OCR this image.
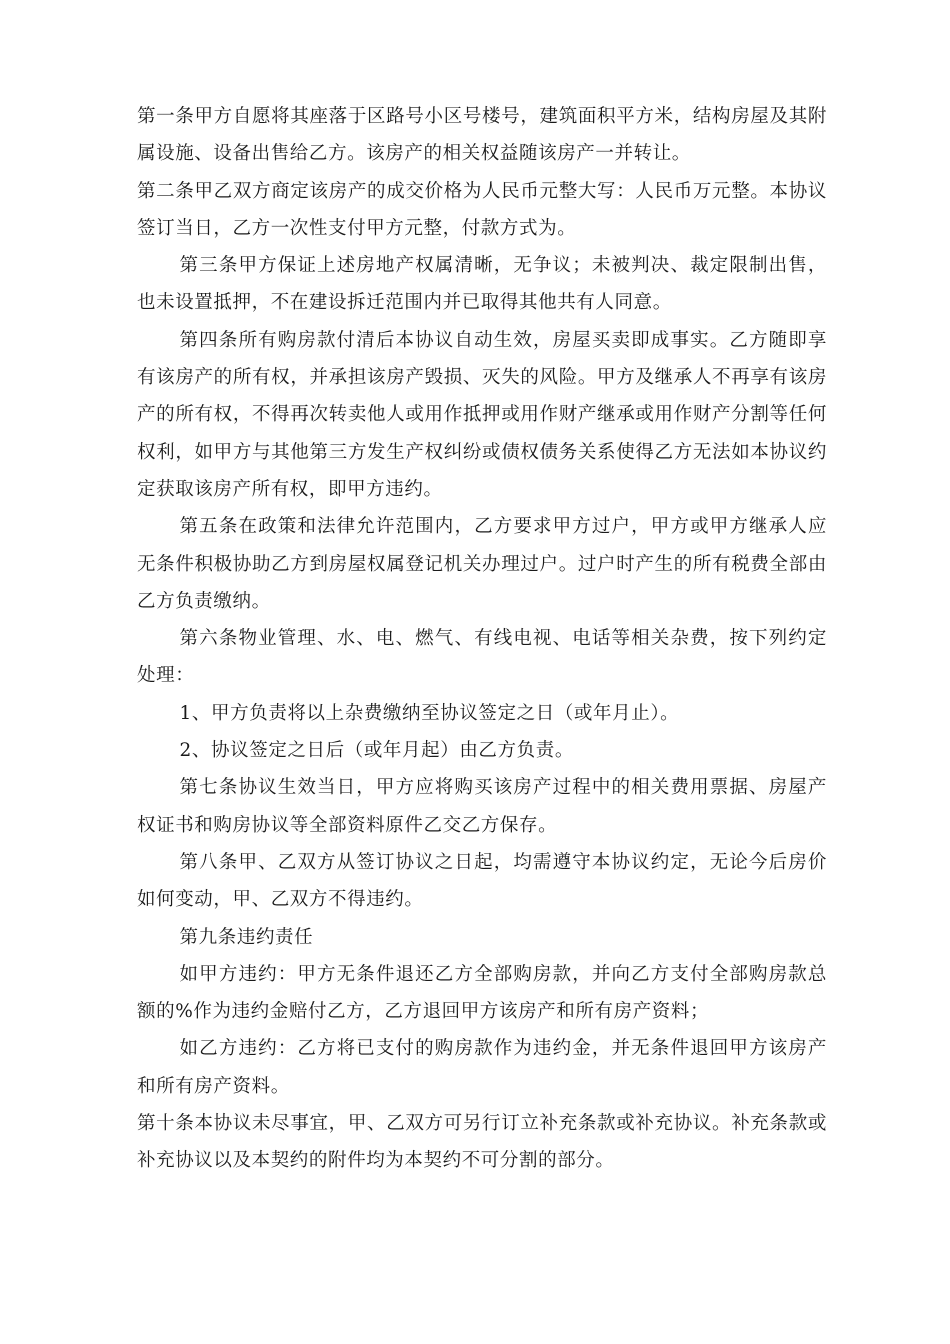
第一条甲方自愿将其座落于区路号小区号楼号，建筑面积平方米，结构房屋及其附属设施、设备出售给乙方。该房产的相关权益随该房产一并转让。

第二条甲乙双方商定该房产的成交价格为人民币元整大写：人民币万元整。本协议签订当日，乙方一次性支付甲方元整，付款方式为。

第三条甲方保证上述房地产权属清晰，无争议；未被判决、裁定限制出售，也未设置抵押，不在建设拆迁范围内并已取得其他共有人同意。

第四条所有购房款付清后本协议自动生效，房屋买卖即成事实。乙方随即享有该房产的所有权，并承担该房产毁损、灭失的风险。甲方及继承人不再享有该房产的所有权，不得再次转卖他人或用作抵押或用作财产继承或用作财产分割等任何权利，如甲方与其他第三方发生产权纠纷或债权债务关系使得乙方无法如本协议约定获取该房产所有权，即甲方违约。

第五条在政策和法律允许范围内，乙方要求甲方过户，甲方或甲方继承人应无条件积极协助乙方到房屋权属登记机关办理过户。过户时产生的所有税费全部由乙方负责缴纳。

第六条物业管理、水、电、燃气、有线电视、电话等相关杂费，按下列约定处理：

1、甲方负责将以上杂费缴纳至协议签定之日（或年月止）。

2、协议签定之日后（或年月起）由乙方负责。

第七条协议生效当日，甲方应将购买该房产过程中的相关费用票据、房屋产权证书和购房协议等全部资料原件乙交乙方保存。

第八条甲、乙双方从签订协议之日起，均需遵守本协议约定，无论今后房价如何变动，甲、乙双方不得违约。

第九条违约责任

如甲方违约：甲方无条件退还乙方全部购房款，并向乙方支付全部购房款总额的%作为违约金赔付乙方，乙方退回甲方该房产和所有房产资料；

如乙方违约：乙方将已支付的购房款作为违约金，并无条件退回甲方该房产和所有房产资料。

第十条本协议未尽事宜，甲、乙双方可另行订立补充条款或补充协议。补充条款或补充协议以及本契约的附件均为本契约不可分割的部分。
